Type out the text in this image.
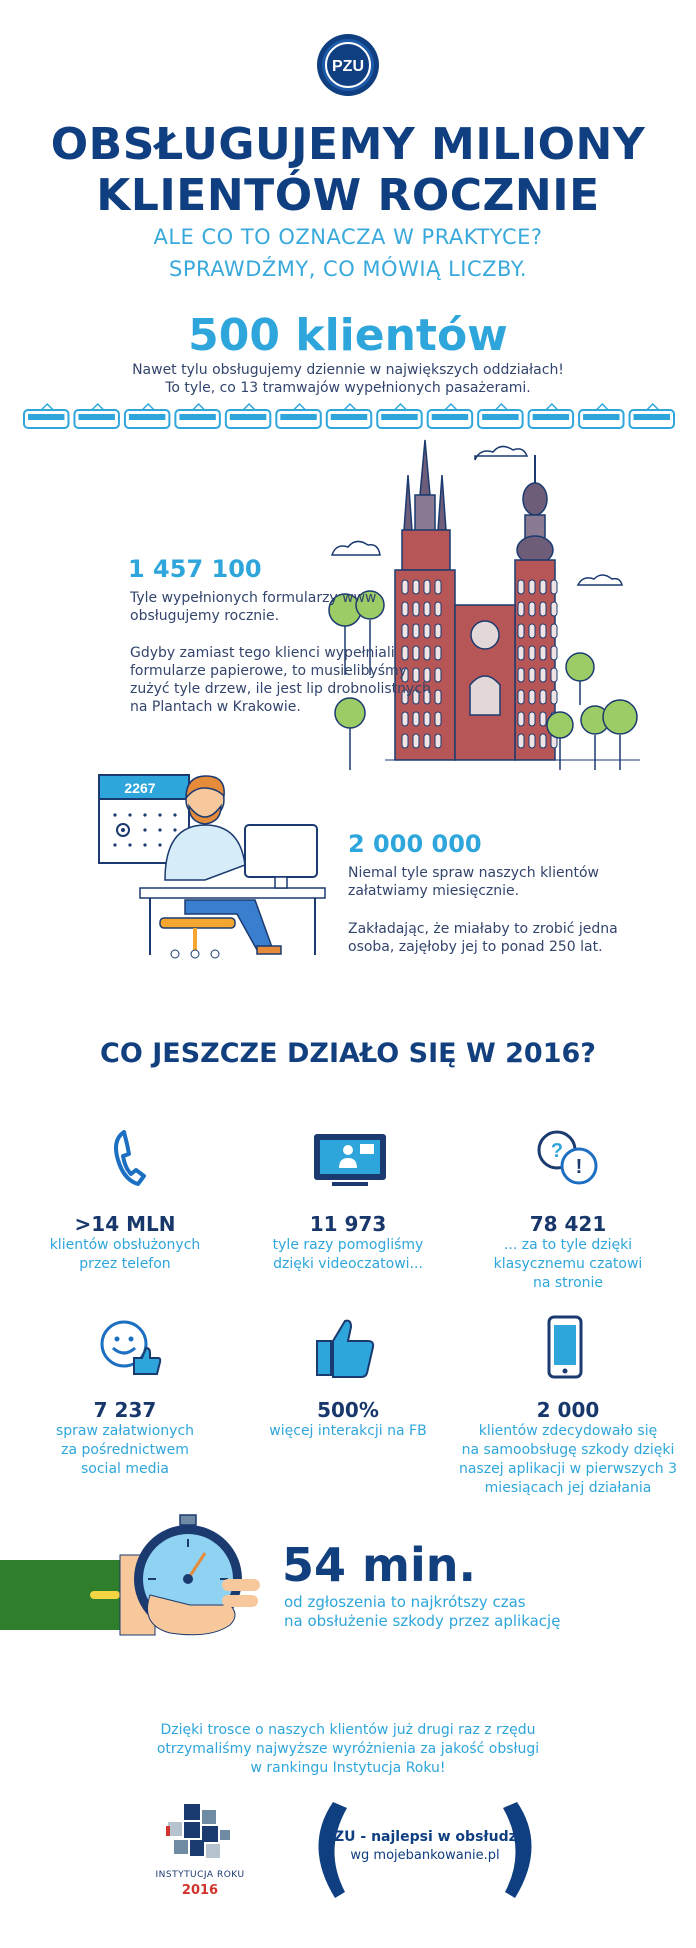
PZU
OBSŁUGUJEMY MILIONY
KLIENTÓW ROCZNIE
ALE CO TO OZNACZA W PRAKTYCE?
SPRAWDŹMY, CO MÓWIĄ LICZBY.
500 klientów
Nawet tylu obsługujemy dziennie w największych oddziałach!
To tyle, co 13 tramwajów wypełnionych pasażerami.
1 457 100
Tyle wypełnionych formularzy www
obsługujemy rocznie.
Gdyby zamiast tego klienci wypełniali
formularze papierowe, to musielibyśmy
zużyć tyle drzew, ile jest lip drobnolistnych
na Plantach w Krakowie.
2267
2 000 000
Niemal tyle spraw naszych klientów
załatwiamy miesięcznie.
Zakładając, że miałaby to zrobić jedna
osoba, zajęłoby jej to ponad 250 lat.
CO JESZCZE DZIAŁO SIĘ W 2016?
?
!
>14 MLN
klientów obsłużonych
przez telefon
11 973
tyle razy pomogliśmy
dzięki videoczatowi...
78 421
... za to tyle dzięki
klasycznemu czatowi
na stronie
7 237
spraw załatwionych
za pośrednictwem
social media
500%
więcej interakcji na FB
2 000
klientów zdecydowało się
na samoobsługę szkody dzięki
naszej aplikacji w pierwszych 3
miesiącach jej działania
54 min.
od zgłoszenia to najkrótszy czas
na obsłużenie szkody przez aplikację
Dzięki trosce o naszych klientów już drugi raz z rzędu
otrzymaliśmy najwyższe wyróżnienia za jakość obsługi
w rankingu Instytucja Roku!
INSTYTUCJA ROKU
2016
PZU - najlepsi w obsłudze
wg mojebankowanie.pl
